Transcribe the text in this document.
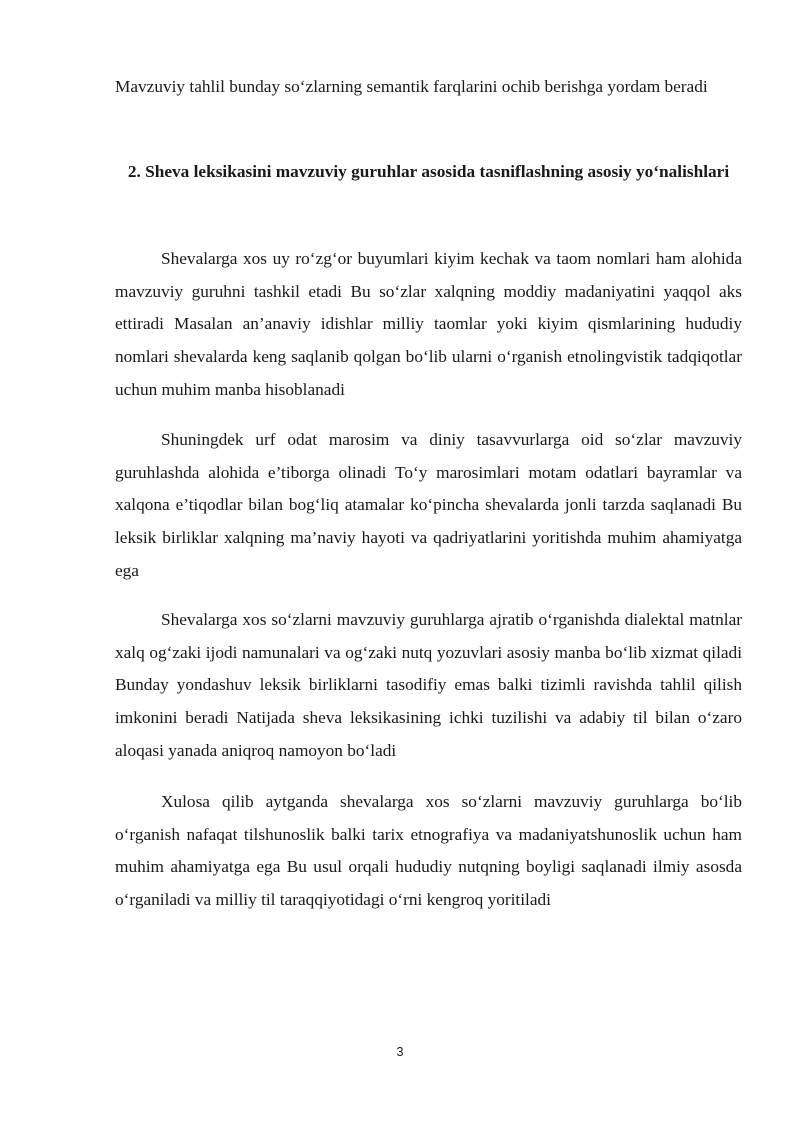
Mavzuviy tahlil bunday so‘zlarning semantik farqlarini ochib berishga yordam beradi

2. Sheva leksikasini mavzuviy guruhlar asosida tasniflashning asosiy yo‘nalishlari

Shevalarga xos uy ro‘zg‘or buyumlari kiyim kechak va taom nomlari ham alohida mavzuviy guruhni tashkil etadi Bu so‘zlar xalqning moddiy madaniyatini yaqqol aks ettiradi Masalan an’anaviy idishlar milliy taomlar yoki kiyim qismlarining hududiy nomlari shevalarda keng saqlanib qolgan bo‘lib ularni o‘rganish etnolingvistik tadqiqotlar uchun muhim manba hisoblanadi

Shuningdek urf odat marosim va diniy tasavvurlarga oid so‘zlar mavzuviy guruhlashda alohida e’tiborga olinadi To‘y marosimlari motam odatlari bayramlar va xalqona e’tiqodlar bilan bog‘liq atamalar ko‘pincha shevalarda jonli tarzda saqlanadi Bu leksik birliklar xalqning ma’naviy hayoti va qadriyatlarini yoritishda muhim ahamiyatga ega

Shevalarga xos so‘zlarni mavzuviy guruhlarga ajratib o‘rganishda dialektal matnlar xalq og‘zaki ijodi namunalari va og‘zaki nutq yozuvlari asosiy manba bo‘lib xizmat qiladi Bunday yondashuv leksik birliklarni tasodifiy emas balki tizimli ravishda tahlil qilish imkonini beradi Natijada sheva leksikasining ichki tuzilishi va adabiy til bilan o‘zaro aloqasi yanada aniqroq namoyon bo‘ladi

Xulosa qilib aytganda shevalarga xos so‘zlarni mavzuviy guruhlarga bo‘lib o‘rganish nafaqat tilshunoslik balki tarix etnografiya va madaniyatshunoslik uchun ham muhim ahamiyatga ega Bu usul orqali hududiy nutqning boyligi saqlanadi ilmiy asosda o‘rganiladi va milliy til taraqqiyotidagi o‘rni kengroq yoritiladi

3
